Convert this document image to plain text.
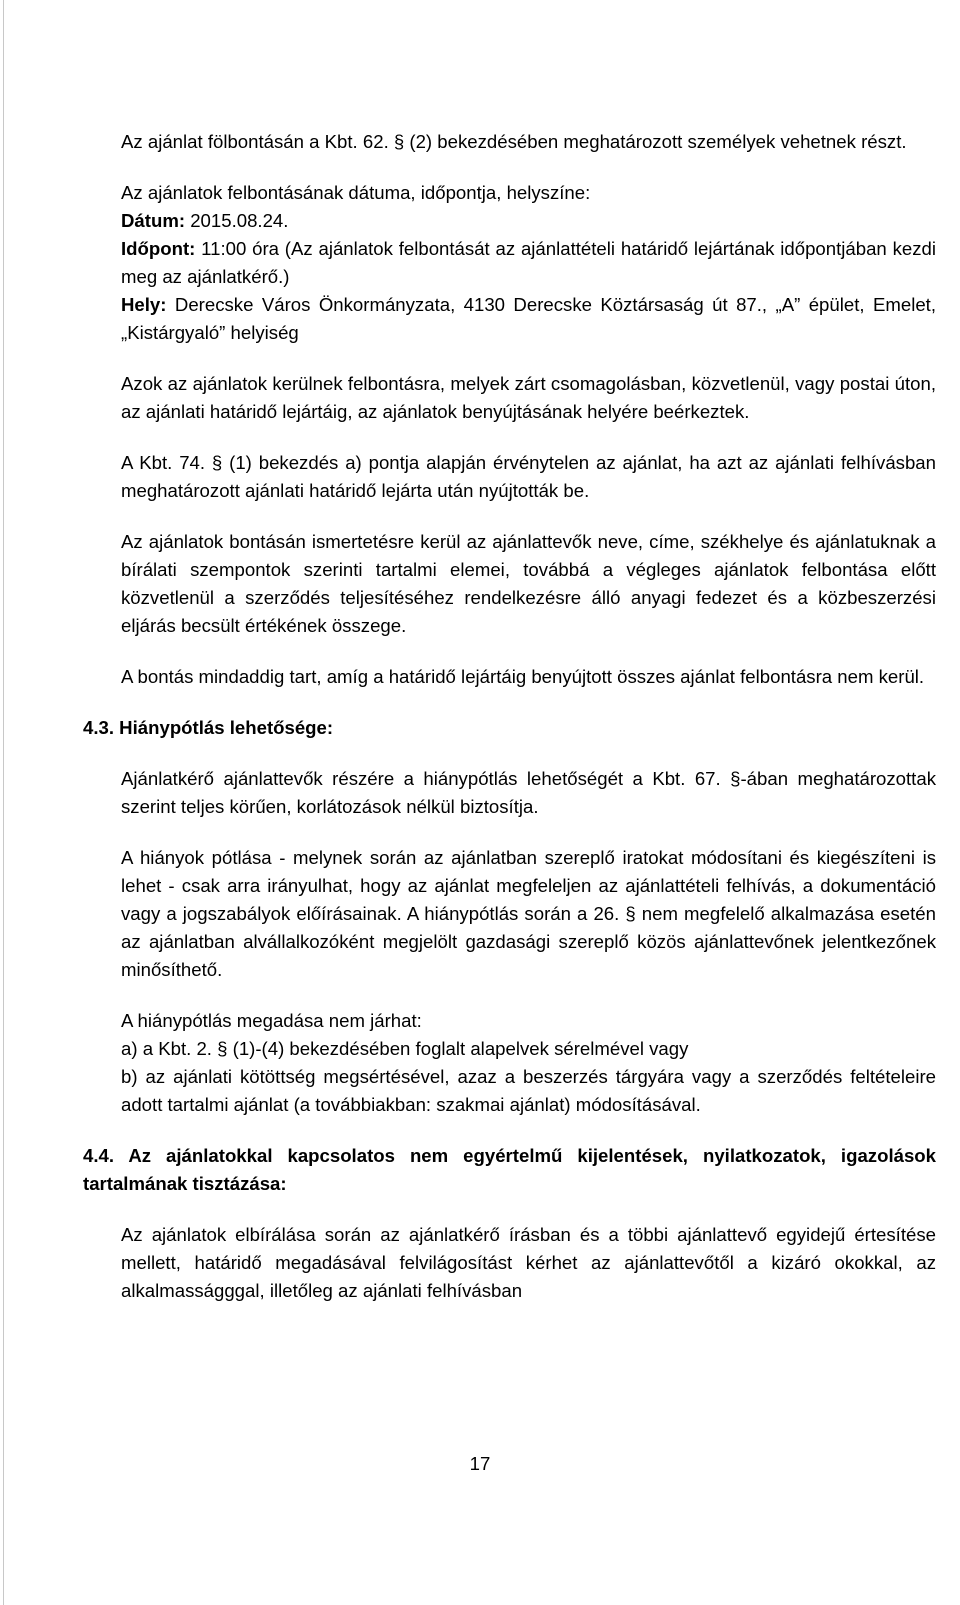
Az ajánlat fölbontásán a Kbt. 62. § (2) bekezdésében meghatározott személyek vehetnek részt.

Az ajánlatok felbontásának dátuma, időpontja, helyszíne:
Dátum: 2015.08.24.

Időpont: 11:00 óra (Az ajánlatok felbontását az ajánlattételi határidő lejártának időpontjában kezdi meg az ajánlatkérő.)

Hely: Derecske Város Önkormányzata, 4130 Derecske Köztársaság út 87., „A” épület, Emelet, „Kistárgyaló” helyiség

Azok az ajánlatok kerülnek felbontásra, melyek zárt csomagolásban, közvetlenül, vagy postai úton, az ajánlati határidő lejártáig, az ajánlatok benyújtásának helyére beérkeztek.

A Kbt. 74. § (1) bekezdés a) pontja alapján érvénytelen az ajánlat, ha azt az ajánlati felhívásban meghatározott ajánlati határidő lejárta után nyújtották be.

Az ajánlatok bontásán ismertetésre kerül az ajánlattevők neve, címe, székhelye és ajánlatuknak a bírálati szempontok szerinti tartalmi elemei, továbbá a végleges ajánlatok felbontása előtt közvetlenül a szerződés teljesítéséhez rendelkezésre álló anyagi fedezet és a közbeszerzési eljárás becsült értékének összege.

A bontás mindaddig tart, amíg a határidő lejártáig benyújtott összes ajánlat felbontásra nem kerül.

4.3. Hiánypótlás lehetősége:

Ajánlatkérő ajánlattevők részére a hiánypótlás lehetőségét a Kbt. 67. §-ában meghatározottak szerint teljes körűen, korlátozások nélkül biztosítja.

A hiányok pótlása - melynek során az ajánlatban szereplő iratokat módosítani és kiegészíteni is lehet - csak arra irányulhat, hogy az ajánlat megfeleljen az ajánlattételi felhívás, a dokumentáció vagy a jogszabályok előírásainak. A hiánypótlás során a 26. § nem megfelelő alkalmazása esetén az ajánlatban alvállalkozóként megjelölt gazdasági szereplő közös ajánlattevőnek jelentkezőnek minősíthető.

A hiánypótlás megadása nem járhat:

a) a Kbt. 2. § (1)-(4) bekezdésében foglalt alapelvek sérelmével vagy

b) az ajánlati kötöttség megsértésével, azaz a beszerzés tárgyára vagy a szerződés feltételeire adott tartalmi ajánlat (a továbbiakban: szakmai ajánlat) módosításával.

4.4. Az ajánlatokkal kapcsolatos nem egyértelmű kijelentések, nyilatkozatok, igazolások tartalmának tisztázása:

Az ajánlatok elbírálása során az ajánlatkérő írásban és a többi ajánlattevő egyidejű értesítése mellett, határidő megadásával felvilágosítást kérhet az ajánlattevőtől a kizáró okokkal, az alkalmasságggal, illetőleg az ajánlati felhívásban

17
